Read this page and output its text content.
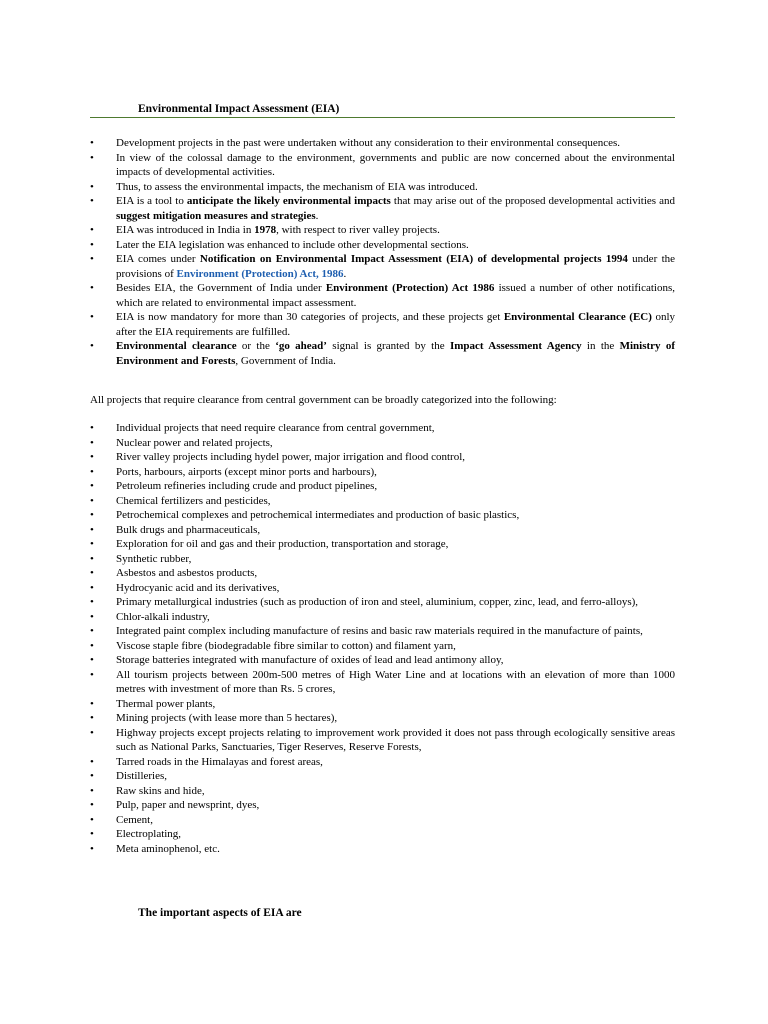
Environmental Impact Assessment (EIA)
• Development projects in the past were undertaken without any consideration to their environmental consequences.
• In view of the colossal damage to the environment, governments and public are now concerned about the environmental impacts of developmental activities.
• Thus, to assess the environmental impacts, the mechanism of EIA was introduced.
• EIA is a tool to anticipate the likely environmental impacts that may arise out of the proposed developmental activities and suggest mitigation measures and strategies.
• EIA was introduced in India in 1978, with respect to river valley projects.
• Later the EIA legislation was enhanced to include other developmental sections.
• EIA comes under Notification on Environmental Impact Assessment (EIA) of developmental projects 1994 under the provisions of Environment (Protection) Act, 1986.
• Besides EIA, the Government of India under Environment (Protection) Act 1986 issued a number of other notifications, which are related to environmental impact assessment.
• EIA is now mandatory for more than 30 categories of projects, and these projects get Environmental Clearance (EC) only after the EIA requirements are fulfilled.
• Environmental clearance or the ‘go ahead’ signal is granted by the Impact Assessment Agency in the Ministry of Environment and Forests, Government of India.
All projects that require clearance from central government can be broadly categorized into the following:
• Individual projects that need require clearance from central government,
• Nuclear power and related projects,
• River valley projects including hydel power, major irrigation and flood control,
• Ports, harbours, airports (except minor ports and harbours),
• Petroleum refineries including crude and product pipelines,
• Chemical fertilizers and pesticides,
• Petrochemical complexes and petrochemical intermediates and production of basic plastics,
• Bulk drugs and pharmaceuticals,
• Exploration for oil and gas and their production, transportation and storage,
• Synthetic rubber,
• Asbestos and asbestos products,
• Hydrocyanic acid and its derivatives,
• Primary metallurgical industries (such as production of iron and steel, aluminium, copper, zinc, lead, and ferro-alloys),
• Chlor-alkali industry,
• Integrated paint complex including manufacture of resins and basic raw materials required in the manufacture of paints,
• Viscose staple fibre (biodegradable fibre similar to cotton) and filament yarn,
• Storage batteries integrated with manufacture of oxides of lead and lead antimony alloy,
• All tourism projects between 200m-500 metres of High Water Line and at locations with an elevation of more than 1000 metres with investment of more than Rs. 5 crores,
• Thermal power plants,
• Mining projects (with lease more than 5 hectares),
• Highway projects except projects relating to improvement work provided it does not pass through ecologically sensitive areas such as National Parks, Sanctuaries, Tiger Reserves, Reserve Forests,
• Tarred roads in the Himalayas and forest areas,
• Distilleries,
• Raw skins and hide,
• Pulp, paper and newsprint, dyes,
• Cement,
• Electroplating,
• Meta aminophenol, etc.
The important aspects of EIA are
